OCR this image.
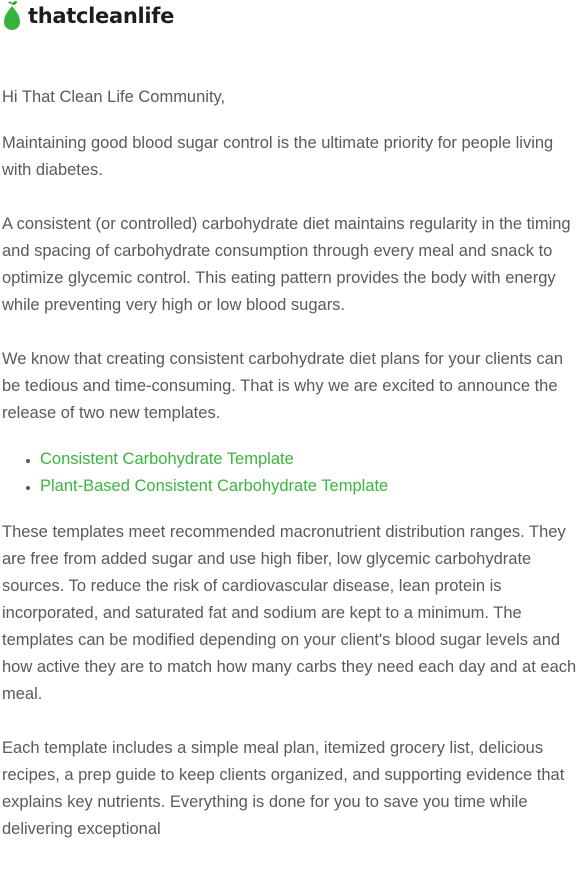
thatcleanlife

Hi That Clean Life Community,

Maintaining good blood sugar control is the ultimate priority for people living with diabetes.

A consistent (or controlled) carbohydrate diet maintains regularity in the timing and spacing of carbohydrate consumption through every meal and snack to optimize glycemic control. This eating pattern provides the body with energy while preventing very high or low blood sugars.

We know that creating consistent carbohydrate diet plans for your clients can be tedious and time-consuming. That is why we are excited to announce the release of two new templates.

• Consistent Carbohydrate Template
• Plant-Based Consistent Carbohydrate Template

These templates meet recommended macronutrient distribution ranges. They are free from added sugar and use high fiber, low glycemic carbohydrate sources. To reduce the risk of cardiovascular disease, lean protein is incorporated, and saturated fat and sodium are kept to a minimum. The templates can be modified depending on your client's blood sugar levels and how active they are to match how many carbs they need each day and at each meal.

Each template includes a simple meal plan, itemized grocery list, delicious recipes, a prep guide to keep clients organized, and supporting evidence that explains key nutrients. Everything is done for you to save you time while delivering exceptional
